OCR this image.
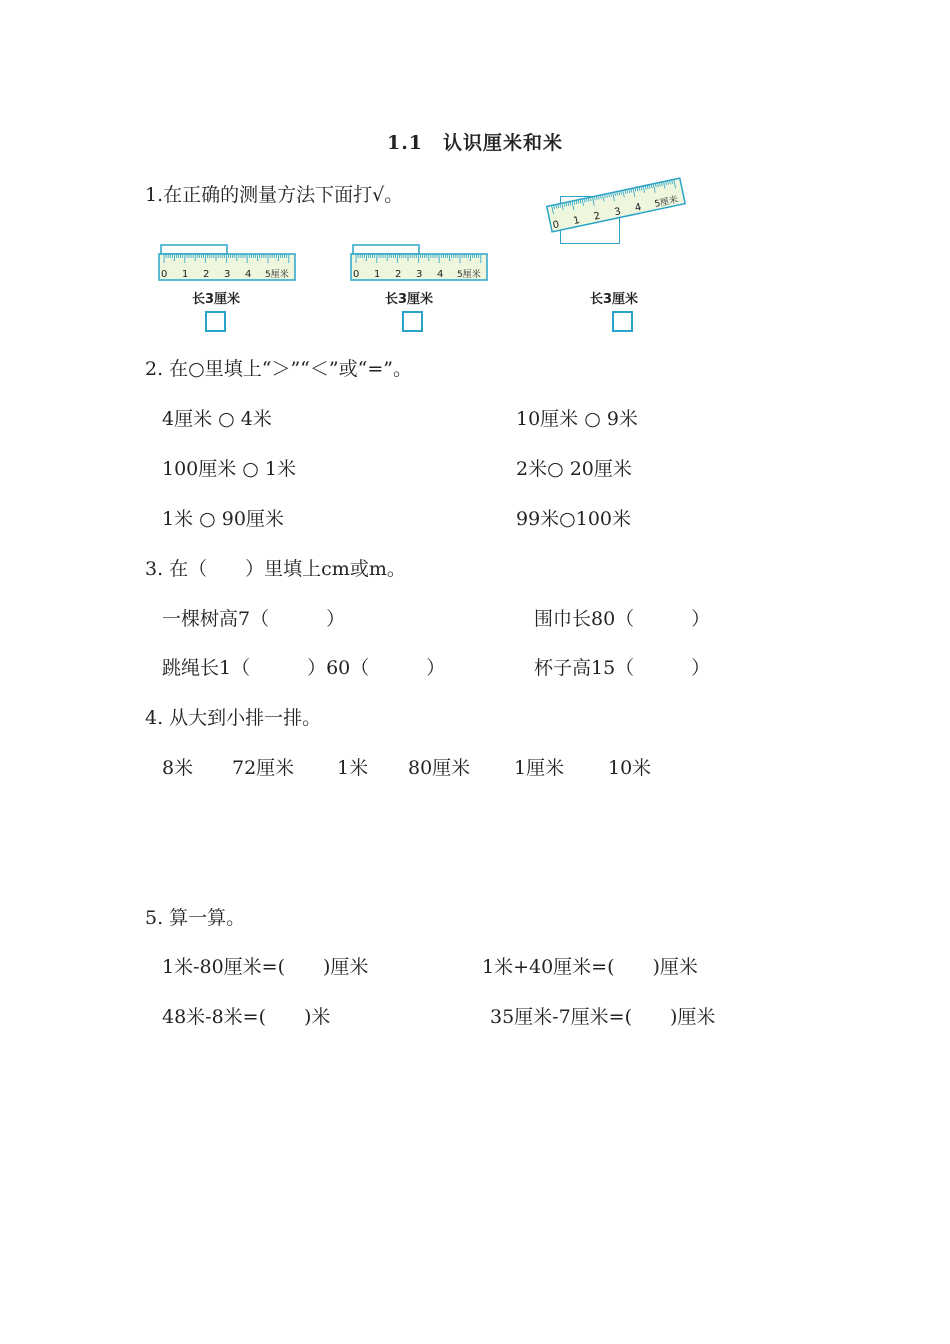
1.1　认识厘米和米
1.在正确的测量方法下面打√。
0 1 2 3 4 5厘米
长3厘米
0 1 2 3 4 5厘米
长3厘米
0 1 2 3 4 5厘米
长3厘米
2. 在○里填上“＞”“＜”或“=”。
4厘米 ○ 4米	10厘米 ○ 9米
100厘米 ○ 1米	2米○ 20厘米
1米 ○ 90厘米	99米○100米
3. 在（　　）里填上cm或m。
一棵树高7（　　　）	围巾长80（　　　）
跳绳长1（　　　）60（　　　）	杯子高15（　　　）
4. 从大到小排一排。
8米 72厘米 1米 80厘米 1厘米 10米
5. 算一算。
1米-80厘米=(　　)厘米	1米+40厘米=(　　)厘米
48米-8米=(　　)米	35厘米-7厘米=(　　)厘米
